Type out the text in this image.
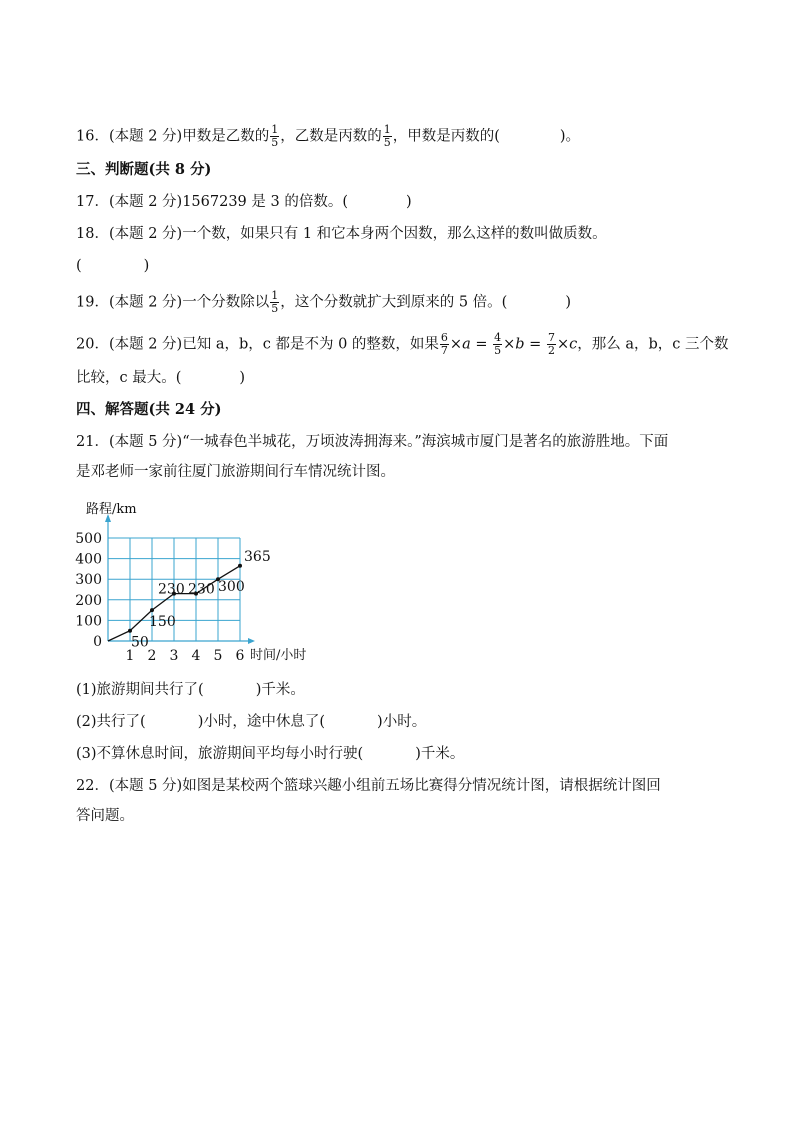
16．(本题 2 分)甲数是乙数的 $\frac{1}{5}$ ，乙数是丙数的 $\frac{1}{5}$ ，甲数是丙数的(	)。
三、判断题(共 8 分)
17．(本题 2 分)1567239 是 3 的倍数。(	)
18．(本题 2 分)一个数，如果只有 1 和它本身两个因数，那么这样的数叫做质数。
(	)
19．(本题 2 分)一个分数除以 $\frac{1}{5}$ ，这个分数就扩大到原来的 5 倍。(	)
20．(本题 2 分)已知 a，b，c 都是不为 0 的整数，如果 $\frac{6}{7} \times a = \frac{4}{5} \times b = \frac{7}{2} \times c$，那么 a，b，c 三个数
比较，c 最大。(	)
四、解答题(共 24 分)
21．(本题 5 分)“一城春色半城花，万顷波涛拥海来。”海滨城市厦门是著名的旅游胜地。下面
是邓老师一家前往厦门旅游期间行车情况统计图。
路程/km
时间/小时
0
100
200
300
400
500
1 2 3 4 5 6
50
150
230 230 300
365
(1)旅游期间共行了(	)千米。
(2)共行了(	)小时，途中休息了(	)小时。
(3)不算休息时间，旅游期间平均每小时行驶(	)千米。
22．(本题 5 分)如图是某校两个篮球兴趣小组前五场比赛得分情况统计图，请根据统计图回
答问题。
